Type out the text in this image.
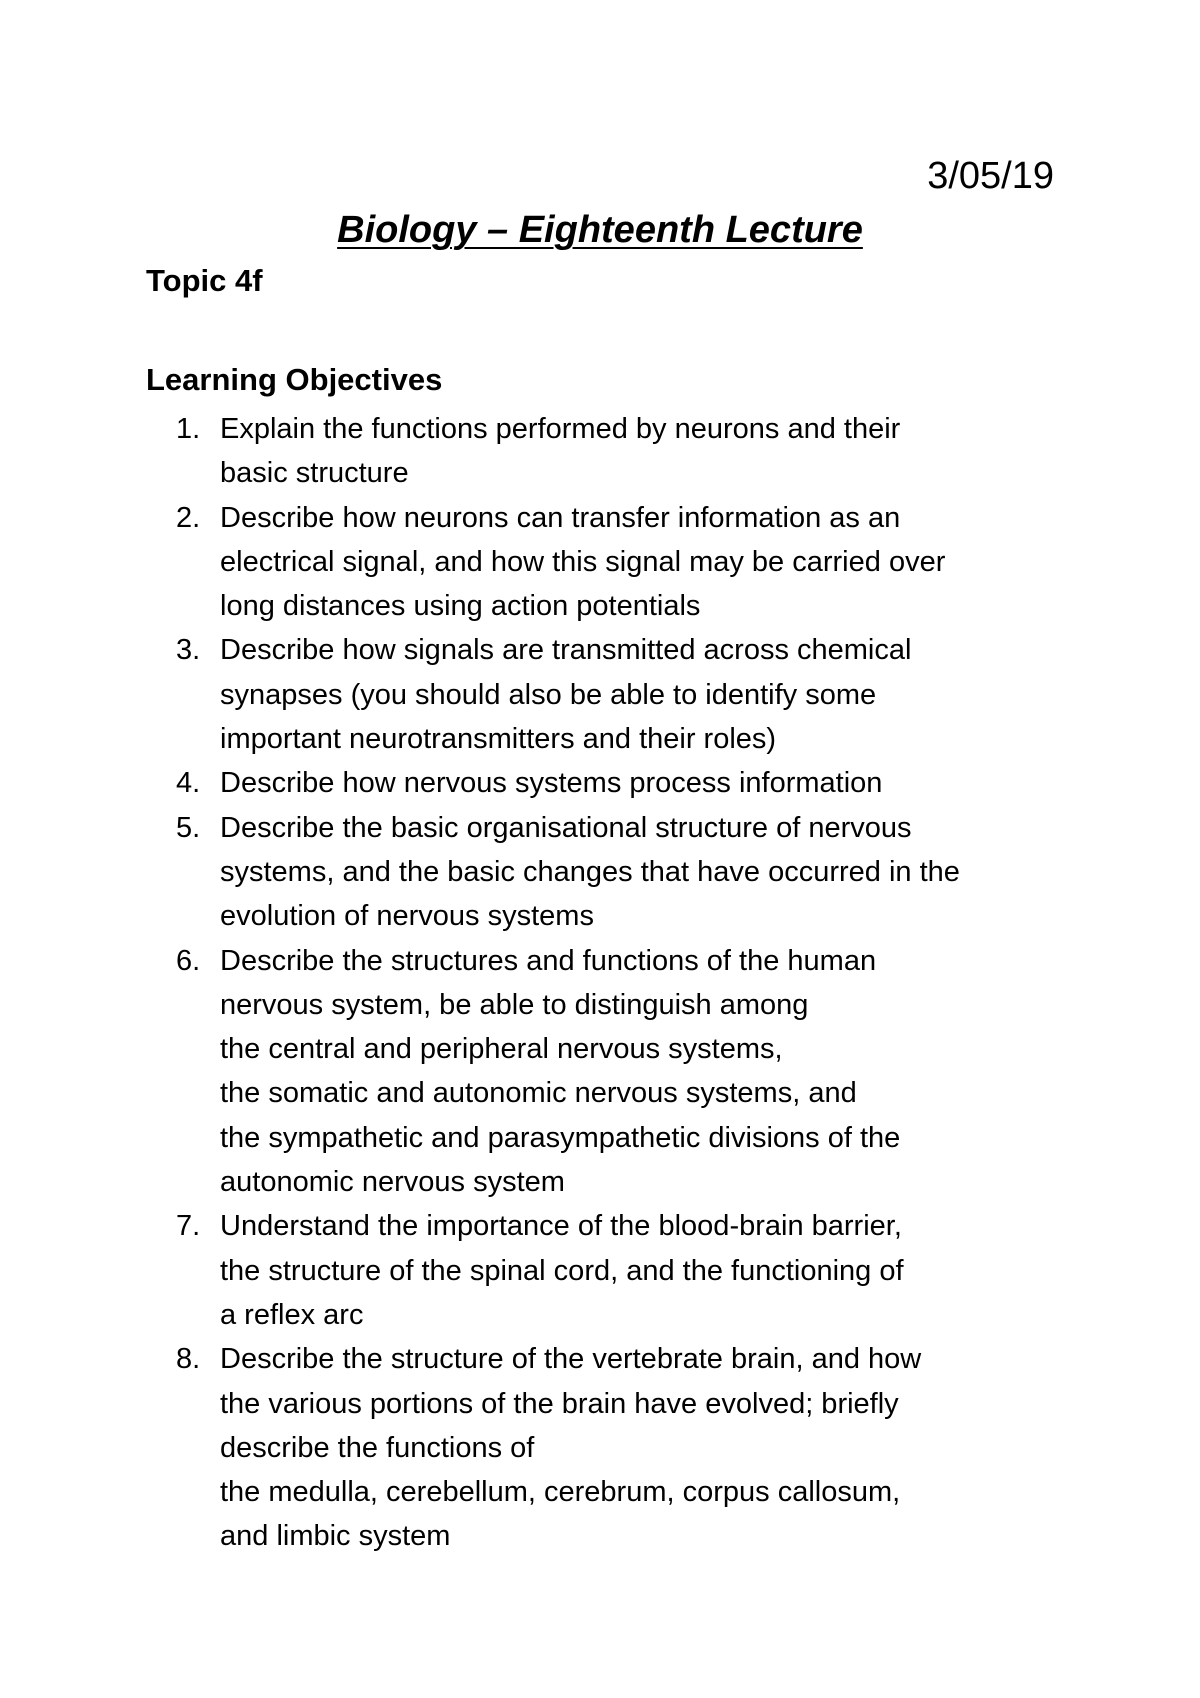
3/05/19
Biology – Eighteenth Lecture
Topic 4f
Learning Objectives
1. Explain the functions performed by neurons and their
basic structure
2. Describe how neurons can transfer information as an
electrical signal, and how this signal may be carried over
long distances using action potentials
3. Describe how signals are transmitted across chemical
synapses (you should also be able to identify some
important neurotransmitters and their roles)
4. Describe how nervous systems process information
5. Describe the basic organisational structure of nervous
systems, and the basic changes that have occurred in the
evolution of nervous systems
6. Describe the structures and functions of the human
nervous system, be able to distinguish among
the central and peripheral nervous systems,
the somatic and autonomic nervous systems, and
the sympathetic and parasympathetic divisions of the
autonomic nervous system
7. Understand the importance of the blood-brain barrier,
the structure of the spinal cord, and the functioning of
a reflex arc
8. Describe the structure of the vertebrate brain, and how
the various portions of the brain have evolved; briefly
describe the functions of
the medulla, cerebellum, cerebrum, corpus callosum,
and limbic system
